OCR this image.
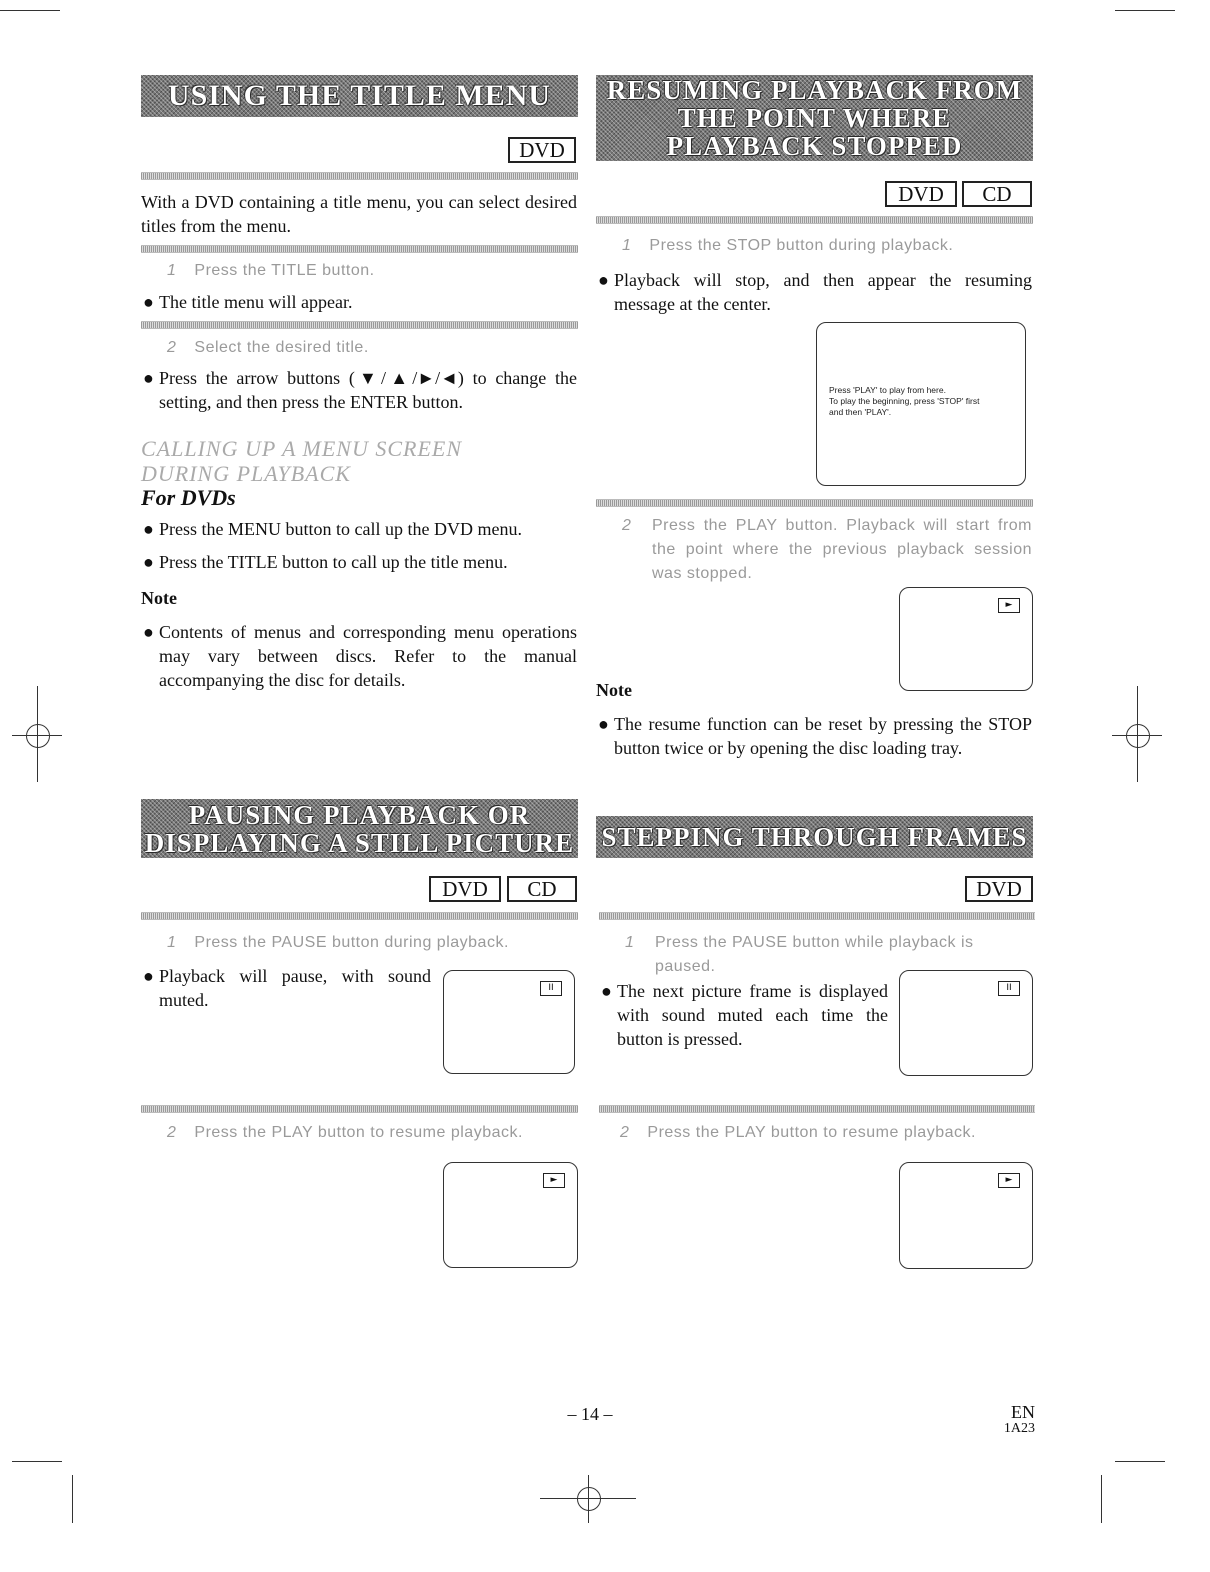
USING THE TITLE MENU
DVD
With a DVD containing a title menu, you can select desired titles from the menu.
1 Press the TITLE button.
● The title menu will appear.
2 Select the desired title.
● Press the arrow buttons (▼/▲/►/◄) to change the setting, and then press the ENTER button.
CALLING UP A MENU SCREEN
DURING PLAYBACK
For DVDs
● Press the MENU button to call up the DVD menu.
● Press the TITLE button to call up the title menu.
Note
● Contents of menus and corresponding menu operations may vary between discs. Refer to the manual accompanying the disc for details.
RESUMING PLAYBACK FROM
THE POINT WHERE
PLAYBACK STOPPED
DVD	CD
1 Press the STOP button during playback.
● Playback will stop, and then appear the resuming message at the center.
Press 'PLAY' to play from here.
To play the beginning, press 'STOP' first
and then 'PLAY'.
2	Press the PLAY button. Playback will start from the point where the previous playback session was stopped.
►
Note
● The resume function can be reset by pressing the STOP button twice or by opening the disc loading tray.
PAUSING PLAYBACK OR
DISPLAYING A STILL PICTURE
DVD	CD
1 Press the PAUSE button during playback.
● Playback will pause, with sound muted.
II
2 Press the PLAY button to resume playback.
►
STEPPING THROUGH FRAMES
DVD
1	Press the PAUSE button while playback is paused.
● The next picture frame is displayed with sound muted each time the button is pressed.
II
2 Press the PLAY button to resume playback.
►
– 14 –	EN
1A23
